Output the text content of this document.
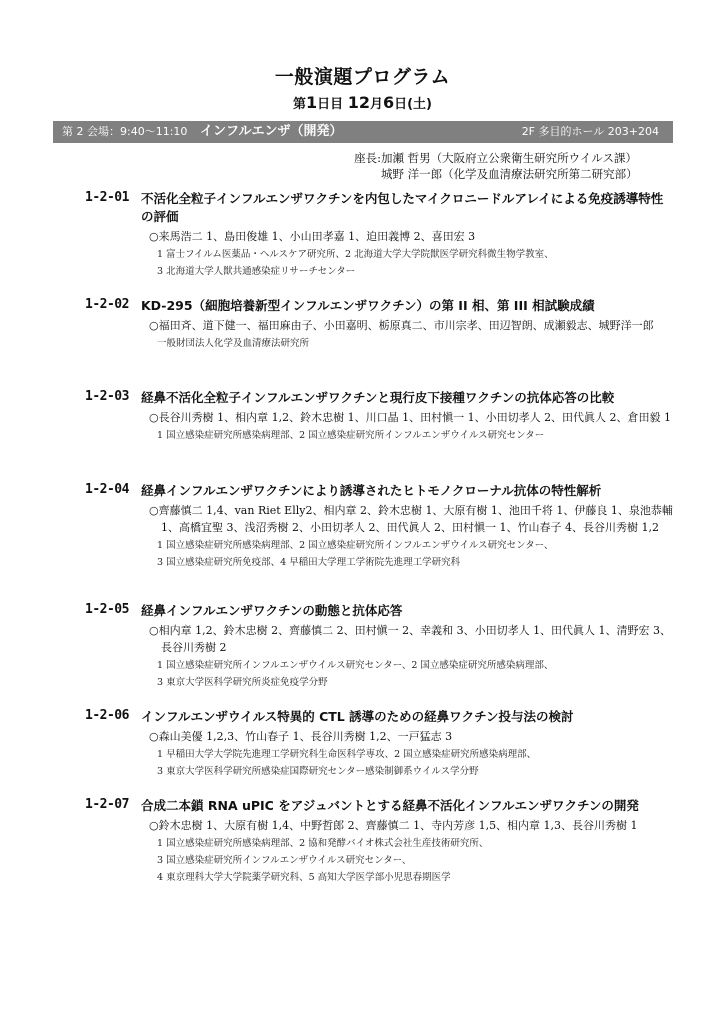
一般演題プログラム
第1日目 12月6日(土)
第 2 会場：9:40～11:10 インフルエンザ（開発）	2F 多目的ホール 203+204
座長:加瀬 哲男（大阪府立公衆衛生研究所ウイルス課）
城野 洋一郎（化学及血清療法研究所第二研究部）
1-2-01 不活化全粒子インフルエンザワクチンを内包したマイクロニードルアレイによる免疫誘導特性の評価
○来馬浩二 1、島田俊雄 1、小山田孝嘉 1、迫田義博 2、喜田宏 3
1 富士フイルム医薬品・ヘルスケア研究所、2 北海道大学大学院獣医学研究科微生物学教室、
3 北海道大学人獣共通感染症リサーチセンター
1-2-02 KD-295（細胞培養新型インフルエンザワクチン）の第 II 相、第 III 相試験成績
○福田斉、道下健一、福田麻由子、小田嘉明、栃原真二、市川宗孝、田辺智朗、成瀬毅志、城野洋一郎
一般財団法人化学及血清療法研究所
1-2-03 経鼻不活化全粒子インフルエンザワクチンと現行皮下接種ワクチンの抗体応答の比較
○長谷川秀樹 1、相内章 1,2、鈴木忠樹 1、川口晶 1、田村愼一 1、小田切孝人 2、田代眞人 2、倉田毅 1
1 国立感染症研究所感染病理部、2 国立感染症研究所インフルエンザウイルス研究センター
1-2-04 経鼻インフルエンザワクチンにより誘導されたヒトモノクローナル抗体の特性解析
○齊藤慎二 1,4、van Riet Elly2、相内章 2、鈴木忠樹 1、大原有樹 1、池田千将 1、伊藤良 1、泉池恭輔 1、高橋宜聖 3、浅沼秀樹 2、小田切孝人 2、田代眞人 2、田村愼一 1、竹山春子 4、長谷川秀樹 1,2
1 国立感染症研究所感染病理部、2 国立感染症研究所インフルエンザウイルス研究センター、
3 国立感染症研究所免疫部、4 早稲田大学理工学術院先進理工学研究科
1-2-05 経鼻インフルエンザワクチンの動態と抗体応答
○相内章 1,2、鈴木忠樹 2、齊藤慎二 2、田村愼一 2、幸義和 3、小田切孝人 1、田代眞人 1、清野宏 3、長谷川秀樹 2
1 国立感染症研究所インフルエンザウイルス研究センター、2 国立感染症研究所感染病理部、
3 東京大学医科学研究所炎症免疫学分野
1-2-06 インフルエンザウイルス特異的 CTL 誘導のための経鼻ワクチン投与法の検討
○森山美優 1,2,3、竹山春子 1、長谷川秀樹 1,2、一戸猛志 3
1 早稲田大学大学院先進理工学研究科生命医科学専攻、2 国立感染症研究所感染病理部、
3 東京大学医科学研究所感染症国際研究センター感染制御系ウイルス学分野
1-2-07 合成二本鎖 RNA uPIC をアジュバントとする経鼻不活化インフルエンザワクチンの開発
○鈴木忠樹 1、大原有樹 1,4、中野哲郎 2、齊藤慎二 1、寺内芳彦 1,5、相内章 1,3、長谷川秀樹 1
1 国立感染症研究所感染病理部、2 協和発酵バイオ株式会社生産技術研究所、
3 国立感染症研究所インフルエンザウイルス研究センター、
4 東京理科大学大学院薬学研究科、5 高知大学医学部小児思春期医学
